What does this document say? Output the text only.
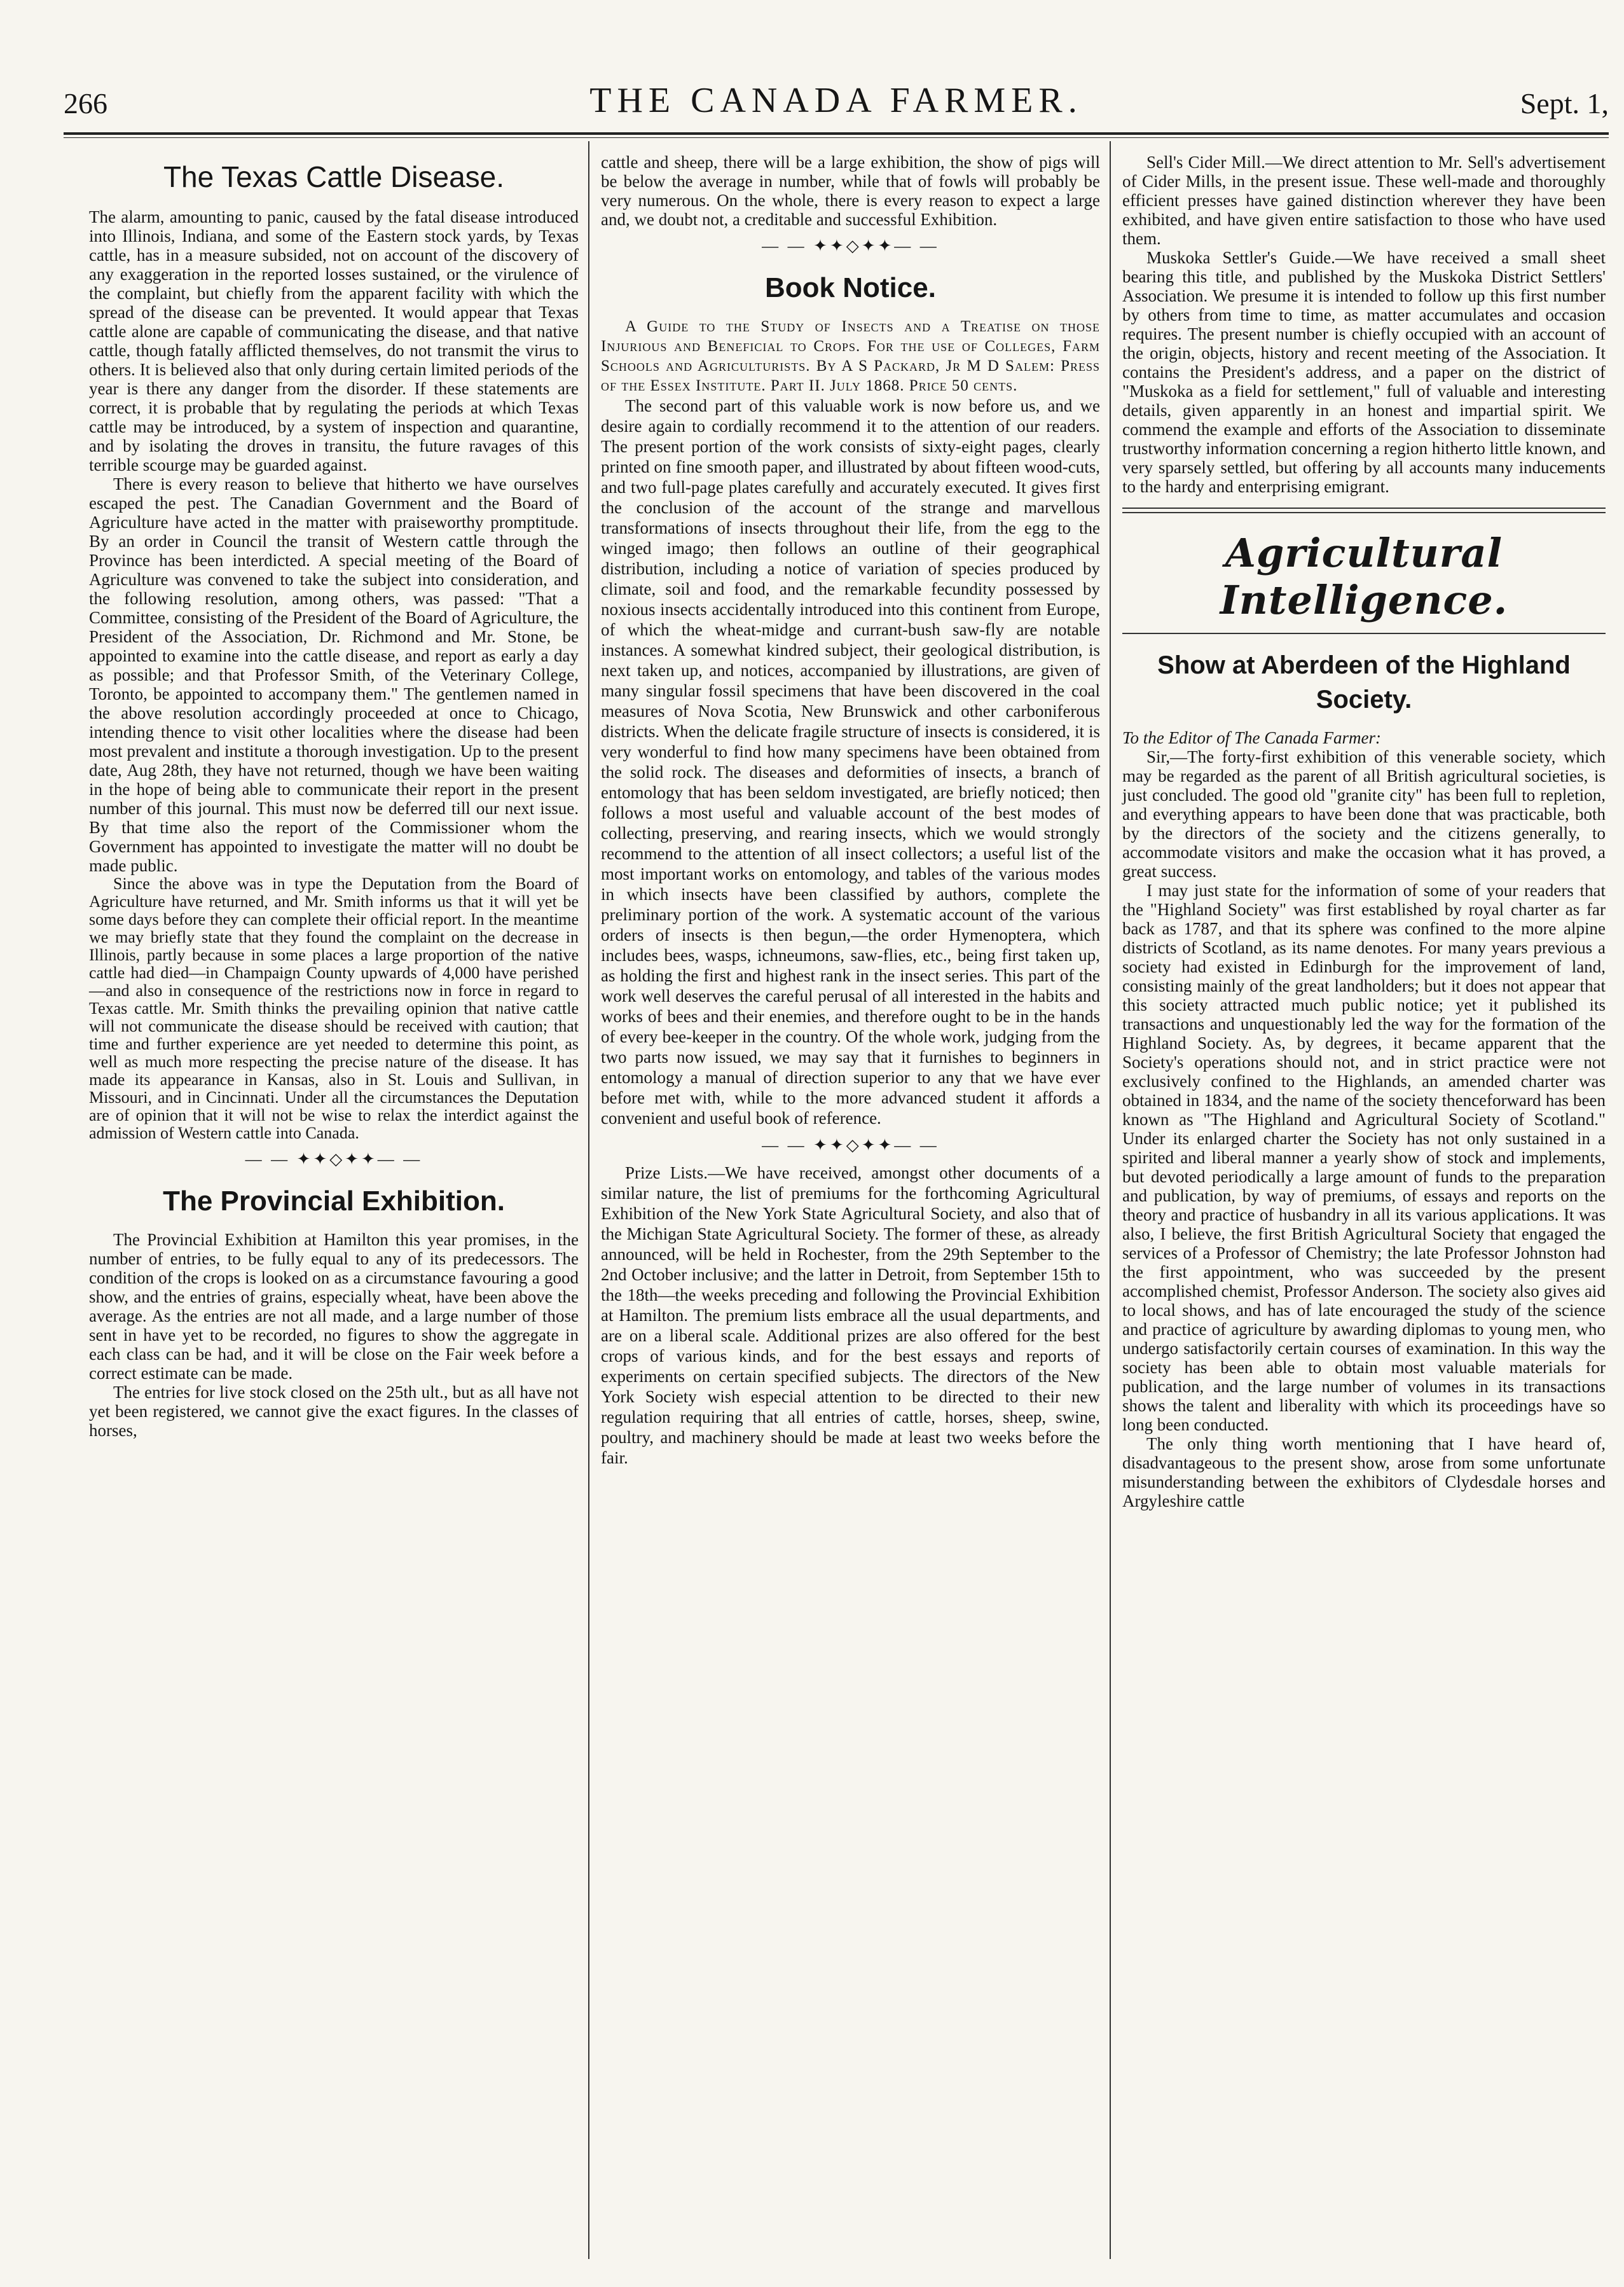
266	THE CANADA FARMER.	Sept. 1,
The Texas Cattle Disease.

The alarm, amounting to panic, caused by the fatal disease introduced into Illinois, Indiana, and some of the Eastern stock yards, by Texas cattle, has in a measure subsided, not on account of the discovery of any exaggeration in the reported losses sustained, or the virulence of the complaint, but chiefly from the apparent facility with which the spread of the disease can be prevented. It would appear that Texas cattle alone are capable of communicating the disease, and that native cattle, though fatally afflicted themselves, do not transmit the virus to others. It is believed also that only during certain limited periods of the year is there any danger from the disorder. If these statements are correct, it is probable that by regulating the periods at which Texas cattle may be introduced, by a system of inspection and quarantine, and by isolating the droves in transitu, the future ravages of this terrible scourge may be guarded against.

There is every reason to believe that hitherto we have ourselves escaped the pest. The Canadian Government and the Board of Agriculture have acted in the matter with praiseworthy promptitude. By an order in Council the transit of Western cattle through the Province has been interdicted. A special meeting of the Board of Agriculture was convened to take the subject into consideration, and the following resolution, among others, was passed: "That a Committee, consisting of the President of the Board of Agriculture, the President of the Association, Dr. Richmond and Mr. Stone, be appointed to examine into the cattle disease, and report as early a day as possible; and that Professor Smith, of the Veterinary College, Toronto, be appointed to accompany them." The gentlemen named in the above resolution accordingly proceeded at once to Chicago, intending thence to visit other localities where the disease had been most prevalent and institute a thorough investigation. Up to the present date, Aug 28th, they have not returned, though we have been waiting in the hope of being able to communicate their report in the present number of this journal. This must now be deferred till our next issue. By that time also the report of the Commissioner whom the Government has appointed to investigate the matter will no doubt be made public.

Since the above was in type the Deputation from the Board of Agriculture have returned, and Mr. Smith informs us that it will yet be some days before they can complete their official report. In the meantime we may briefly state that they found the complaint on the decrease in Illinois, partly because in some places a large proportion of the native cattle had died—in Champaign County upwards of 4,000 have perished—and also in consequence of the restrictions now in force in regard to Texas cattle. Mr. Smith thinks the prevailing opinion that native cattle will not communicate the disease should be received with caution; that time and further experience are yet needed to determine this point, as well as much more respecting the precise nature of the disease. It has made its appearance in Kansas, also in St. Louis and Sullivan, in Missouri, and in Cincinnati. Under all the circumstances the Deputation are of opinion that it will not be wise to relax the interdict against the admission of Western cattle into Canada.

— — ✦✦◇✦✦— —
The Provincial Exhibition.

The Provincial Exhibition at Hamilton this year promises, in the number of entries, to be fully equal to any of its predecessors. The condition of the crops is looked on as a circumstance favouring a good show, and the entries of grains, especially wheat, have been above the average. As the entries are not all made, and a large number of those sent in have yet to be recorded, no figures to show the aggregate in each class can be had, and it will be close on the Fair week before a correct estimate can be made.

The entries for live stock closed on the 25th ult., but as all have not yet been registered, we cannot give the exact figures. In the classes of horses,

cattle and sheep, there will be a large exhibition, the show of pigs will be below the average in number, while that of fowls will probably be very numerous. On the whole, there is every reason to expect a large and, we doubt not, a creditable and successful Exhibition.

— — ✦✦◇✦✦— —
Book Notice.

A Guide to the Study of Insects and a Treatise on those Injurious and Beneficial to Crops. For the use of Colleges, Farm Schools and Agriculturists. By A S Packard, Jr M D Salem: Press of the Essex Institute. Part II. July 1868. Price 50 cents.

The second part of this valuable work is now before us, and we desire again to cordially recommend it to the attention of our readers. The present portion of the work consists of sixty-eight pages, clearly printed on fine smooth paper, and illustrated by about fifteen wood-cuts, and two full-page plates carefully and accurately executed. It gives first the conclusion of the account of the strange and marvellous transformations of insects throughout their life, from the egg to the winged imago; then follows an outline of their geographical distribution, including a notice of variation of species produced by climate, soil and food, and the remarkable fecundity possessed by noxious insects accidentally introduced into this continent from Europe, of which the wheat-midge and currant-bush saw-fly are notable instances. A somewhat kindred subject, their geological distribution, is next taken up, and notices, accompanied by illustrations, are given of many singular fossil specimens that have been discovered in the coal measures of Nova Scotia, New Brunswick and other carboniferous districts. When the delicate fragile structure of insects is considered, it is very wonderful to find how many specimens have been obtained from the solid rock. The diseases and deformities of insects, a branch of entomology that has been seldom investigated, are briefly noticed; then follows a most useful and valuable account of the best modes of collecting, preserving, and rearing insects, which we would strongly recommend to the attention of all insect collectors; a useful list of the most important works on entomology, and tables of the various modes in which insects have been classified by authors, complete the preliminary portion of the work. A systematic account of the various orders of insects is then begun,—the order Hymenoptera, which includes bees, wasps, ichneumons, saw-flies, etc., being first taken up, as holding the first and highest rank in the insect series. This part of the work well deserves the careful perusal of all interested in the habits and works of bees and their enemies, and therefore ought to be in the hands of every bee-keeper in the country. Of the whole work, judging from the two parts now issued, we may say that it furnishes to beginners in entomology a manual of direction superior to any that we have ever before met with, while to the more advanced student it affords a convenient and useful book of reference.

— — ✦✦◇✦✦— —

Prize Lists.—We have received, amongst other documents of a similar nature, the list of premiums for the forthcoming Agricultural Exhibition of the New York State Agricultural Society, and also that of the Michigan State Agricultural Society. The former of these, as already announced, will be held in Rochester, from the 29th September to the 2nd October inclusive; and the latter in Detroit, from September 15th to the 18th—the weeks preceding and following the Provincial Exhibition at Hamilton. The premium lists embrace all the usual departments, and are on a liberal scale. Additional prizes are also offered for the best crops of various kinds, and for the best essays and reports of experiments on certain specified subjects. The directors of the New York Society wish especial attention to be directed to their new regulation requiring that all entries of cattle, horses, sheep, swine, poultry, and machinery should be made at least two weeks before the fair.

Sell's Cider Mill.—We direct attention to Mr. Sell's advertisement of Cider Mills, in the present issue. These well-made and thoroughly efficient presses have gained distinction wherever they have been exhibited, and have given entire satisfaction to those who have used them.

Muskoka Settler's Guide.—We have received a small sheet bearing this title, and published by the Muskoka District Settlers' Association. We presume it is intended to follow up this first number by others from time to time, as matter accumulates and occasion requires. The present number is chiefly occupied with an account of the origin, objects, history and recent meeting of the Association. It contains the President's address, and a paper on the district of "Muskoka as a field for settlement," full of valuable and interesting details, given apparently in an honest and impartial spirit. We commend the example and efforts of the Association to disseminate trustworthy information concerning a region hitherto little known, and very sparsely settled, but offering by all accounts many inducements to the hardy and enterprising emigrant.

Agricultural Intelligence.
Show at Aberdeen of the Highland Society.

To the Editor of The Canada Farmer:

Sir,—The forty-first exhibition of this venerable society, which may be regarded as the parent of all British agricultural societies, is just concluded. The good old "granite city" has been full to repletion, and everything appears to have been done that was practicable, both by the directors of the society and the citizens generally, to accommodate visitors and make the occasion what it has proved, a great success.

I may just state for the information of some of your readers that the "Highland Society" was first established by royal charter as far back as 1787, and that its sphere was confined to the more alpine districts of Scotland, as its name denotes. For many years previous a society had existed in Edinburgh for the improvement of land, consisting mainly of the great landholders; but it does not appear that this society attracted much public notice; yet it published its transactions and unquestionably led the way for the formation of the Highland Society. As, by degrees, it became apparent that the Society's operations should not, and in strict practice were not exclusively confined to the Highlands, an amended charter was obtained in 1834, and the name of the society thenceforward has been known as "The Highland and Agricultural Society of Scotland." Under its enlarged charter the Society has not only sustained in a spirited and liberal manner a yearly show of stock and implements, but devoted periodically a large amount of funds to the preparation and publication, by way of premiums, of essays and reports on the theory and practice of husbandry in all its various applications. It was also, I believe, the first British Agricultural Society that engaged the services of a Professor of Chemistry; the late Professor Johnston had the first appointment, who was succeeded by the present accomplished chemist, Professor Anderson. The society also gives aid to local shows, and has of late encouraged the study of the science and practice of agriculture by awarding diplomas to young men, who undergo satisfactorily certain courses of examination. In this way the society has been able to obtain most valuable materials for publication, and the large number of volumes in its transactions shows the talent and liberality with which its proceedings have so long been conducted.

The only thing worth mentioning that I have heard of, disadvantageous to the present show, arose from some unfortunate misunderstanding between the exhibitors of Clydesdale horses and Argyleshire cattle
